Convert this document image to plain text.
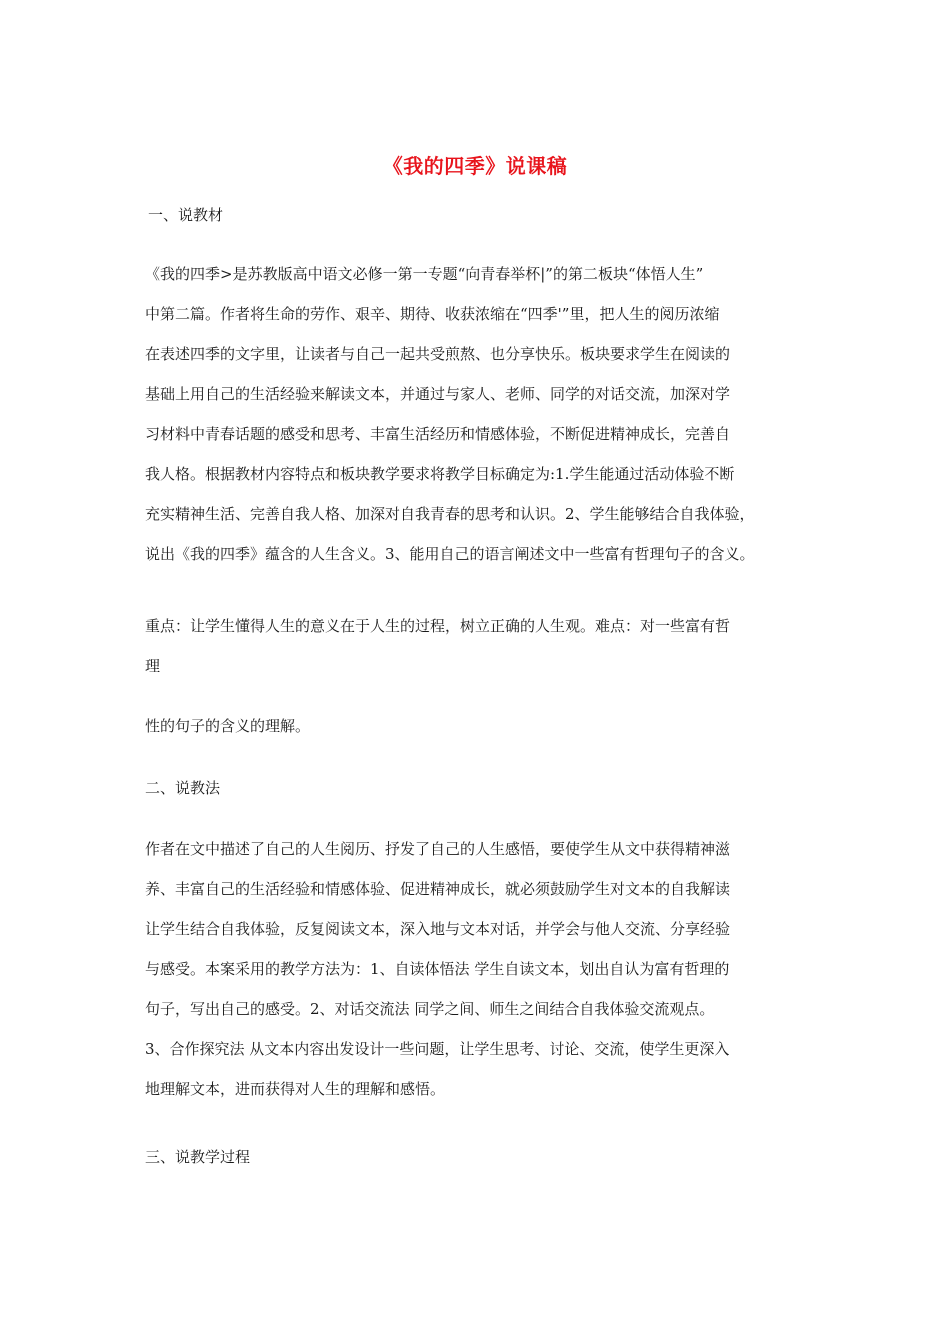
《我的四季》说课稿
一、说教材
《我的四季>是苏教版高中语文必修一第一专题“向青春举杯|”的第二板块“体悟人生”
中第二篇。作者将生命的劳作、艰辛、期待、收获浓缩在“四季'”里，把人生的阅历浓缩
在表述四季的文字里，让读者与自己一起共受煎熬、也分享快乐。板块要求学生在阅读的
基础上用自己的生活经验来解读文本，并通过与家人、老师、同学的对话交流，加深对学
习材料中青春话题的感受和思考、丰富生活经历和情感体验，不断促进精神成长，完善自
我人格。根据教材内容特点和板块教学要求将教学目标确定为:1.学生能通过活动体验不断
充实精神生活、完善自我人格、加深对自我青春的思考和认识。2、学生能够结合自我体验，
说出《我的四季》蕴含的人生含义。3、能用自己的语言阐述文中一些富有哲理句子的含义。
重点：让学生懂得人生的意义在于人生的过程，树立正确的人生观。难点：对一些富有哲
理
性的句子的含义的理解。
二、说教法
作者在文中描述了自己的人生阅历、抒发了自己的人生感悟，要使学生从文中获得精神滋
养、丰富自己的生活经验和情感体验、促进精神成长，就必须鼓励学生对文本的自我解读
让学生结合自我体验，反复阅读文本，深入地与文本对话，并学会与他人交流、分享经验
与感受。本案采用的教学方法为：1、自读体悟法 学生自读文本，划出自认为富有哲理的
句子，写出自己的感受。2、对话交流法 同学之间、师生之间结合自我体验交流观点。
3、合作探究法 从文本内容出发设计一些问题，让学生思考、讨论、交流，使学生更深入
地理解文本，进而获得对人生的理解和感悟。
三、说教学过程
